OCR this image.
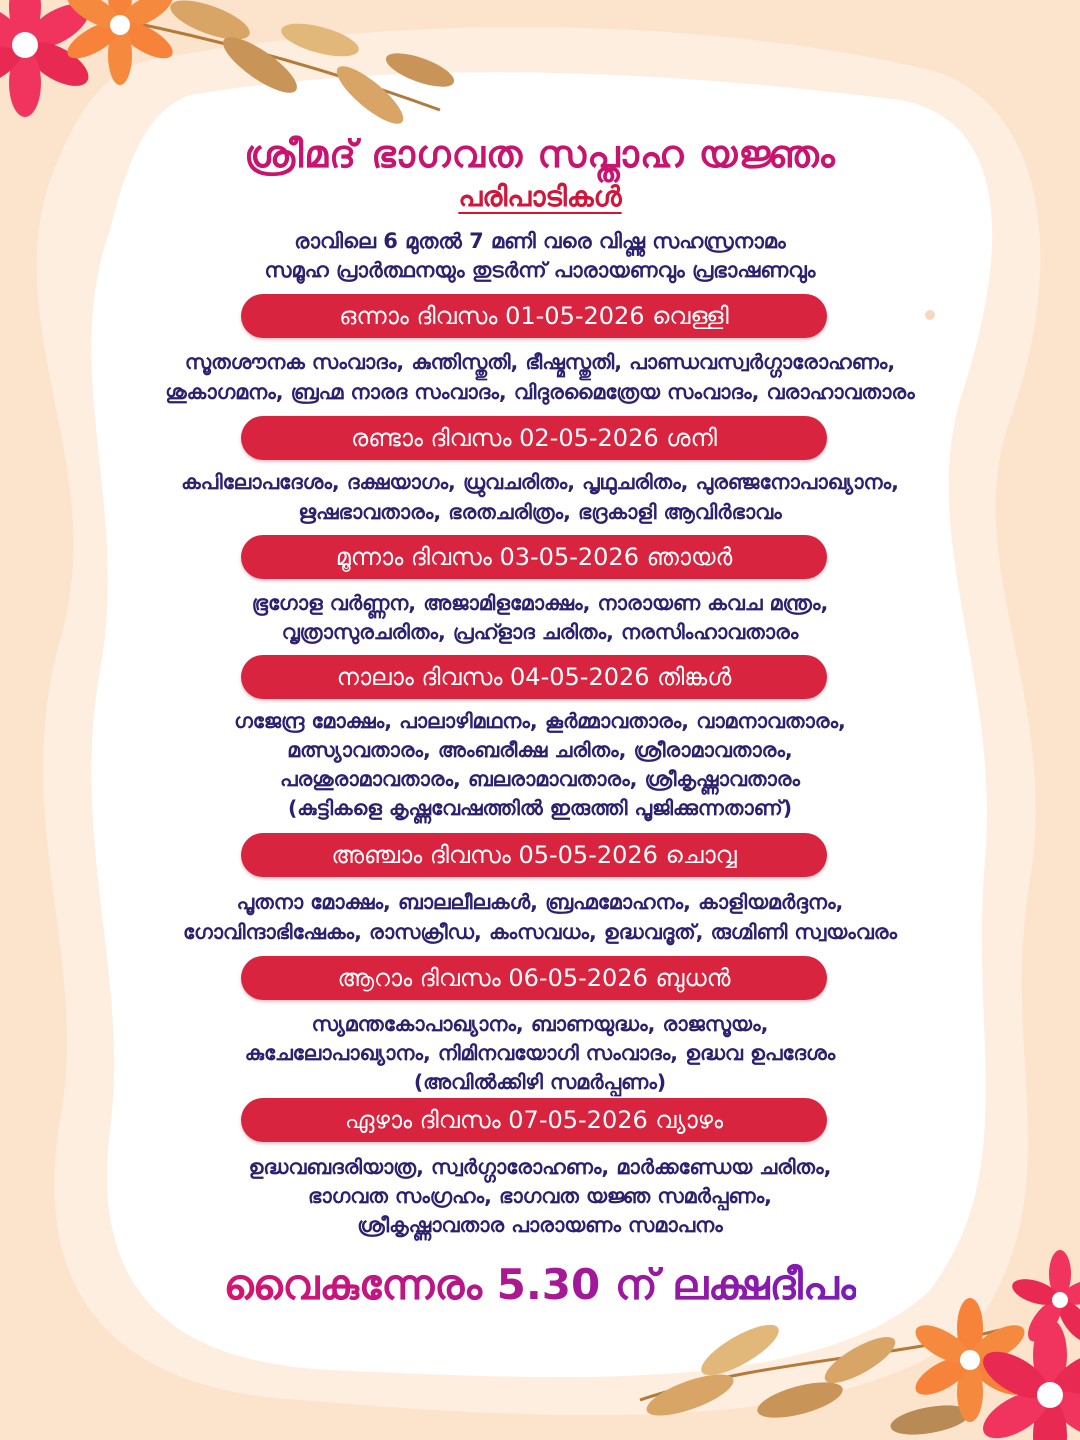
ശ്രീമദ് ഭാഗവത സപ്താഹ യജ്ഞം
പരിപാടികൾ
രാവിലെ 6 മുതൽ 7 മണി വരെ വിഷ്ണു സഹസ്രനാമം
സമൂഹ പ്രാർത്ഥനയും തുടർന്ന് പാരായണവും പ്രഭാഷണവും
ഒന്നാം ദിവസം 01-05-2026 വെള്ളി
സൂതശൗനക സംവാദം, കുന്തിസ്തുതി, ഭീഷ്മസ്തുതി, പാണ്ഡവസ്വർഗ്ഗാരോഹണം,
ശുകാഗമനം, ബ്രഹ്മ നാരദ സംവാദം, വിദുരമൈത്രേയ സംവാദം, വരാഹാവതാരം
രണ്ടാം ദിവസം 02-05-2026 ശനി
കപിലോപദേശം, ദക്ഷയാഗം, ധ്രുവചരിതം, പൃഥുചരിതം, പുരഞ്ജനോപാഖ്യാനം,
ഋഷഭാവതാരം, ഭരതചരിത്രം, ഭദ്രകാളി ആവിർഭാവം
മൂന്നാം ദിവസം 03-05-2026 ഞായർ
ഭൂഗോള വർണ്ണന, അജാമിളമോക്ഷം, നാരായണ കവച മന്ത്രം,
വൃത്രാസുരചരിതം, പ്രഹ്ളാദ ചരിതം, നരസിംഹാവതാരം
നാലാം ദിവസം 04-05-2026 തിങ്കൾ
ഗജേന്ദ്ര മോക്ഷം, പാലാഴിമഥനം, കൂർമ്മാവതാരം, വാമനാവതാരം,
മത്സ്യാവതാരം, അംബരീക്ഷ ചരിതം, ശ്രീരാമാവതാരം,
പരശുരാമാവതാരം, ബലരാമാവതാരം, ശ്രീകൃഷ്ണാവതാരം
(കുട്ടികളെ കൃഷ്ണവേഷത്തിൽ ഇരുത്തി പൂജിക്കുന്നതാണ്)
അഞ്ചാം ദിവസം 05-05-2026 ചൊവ്വ
പൂതനാ മോക്ഷം, ബാലലീലകൾ, ബ്രഹ്മമോഹനം, കാളിയമർദ്ദനം,
ഗോവിന്ദാഭിഷേകം, രാസക്രീഡ, കംസവധം, ഉദ്ധവദൂത്, രുഗ്മിണി സ്വയംവരം
ആറാം ദിവസം 06-05-2026 ബുധൻ
സ്യമന്തകോപാഖ്യാനം, ബാണയുദ്ധം, രാജസൂയം,
കുചേലോപാഖ്യാനം, നിമിനവയോഗി സംവാദം, ഉദ്ധവ ഉപദേശം
(അവിൽക്കിഴി സമർപ്പണം)
ഏഴാം ദിവസം 07-05-2026 വ്യാഴം
ഉദ്ധവബദരിയാത്ര, സ്വർഗ്ഗാരോഹണം, മാർക്കണ്ഡേയ ചരിതം,
ഭാഗവത സംഗ്രഹം, ഭാഗവത യജ്ഞ സമർപ്പണം,
ശ്രീകൃഷ്ണാവതാര പാരായണം സമാപനം
വൈകുന്നേരം 5.30 ന് ലക്ഷദീപം
